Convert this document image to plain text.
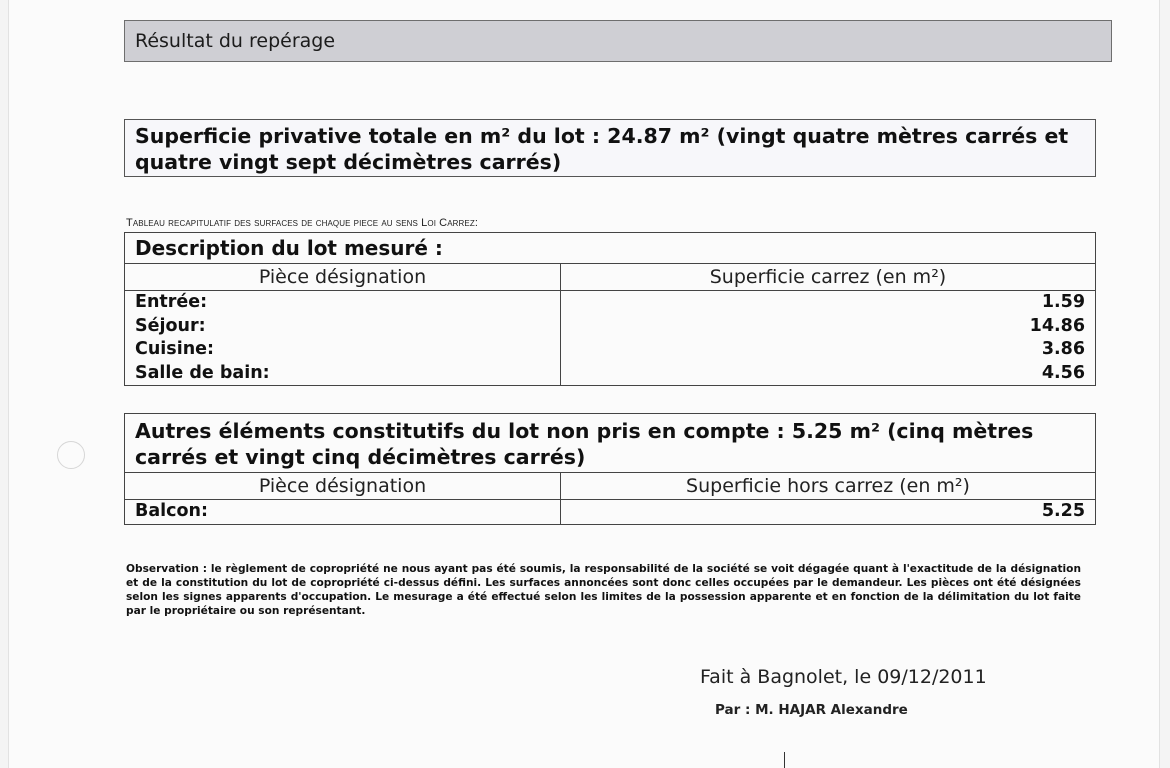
Résultat du repérage
Superficie privative totale en m² du lot : 24.87 m² (vingt quatre mètres carrés et quatre vingt sept décimètres carrés)
Tableau recapitulatif des surfaces de chaque piece au sens Loi Carrez:
Description du lot mesuré :
Pièce désignation
Entrée:
Séjour:
Cuisine:
Salle de bain:
Superficie carrez (en m²)
1.59
14.86
3.86
4.56
Autres éléments constitutifs du lot non pris en compte : 5.25 m² (cinq mètres carrés et vingt cinq décimètres carrés)
Pièce désignation
Balcon:
Superficie hors carrez (en m²)
5.25
Observation : le règlement de copropriété ne nous ayant pas été soumis, la responsabilité de la société se voit dégagée quant à l'exactitude de la désignation et de la constitution du lot de copropriété ci-dessus défini. Les surfaces annoncées sont donc celles occupées par le demandeur. Les pièces ont été désignées selon les signes apparents d'occupation. Le mesurage a été effectué selon les limites de la possession apparente et en fonction de la délimitation du lot faite par le propriétaire ou son représentant.
Fait à Bagnolet, le 09/12/2011
Par : M. HAJAR Alexandre
